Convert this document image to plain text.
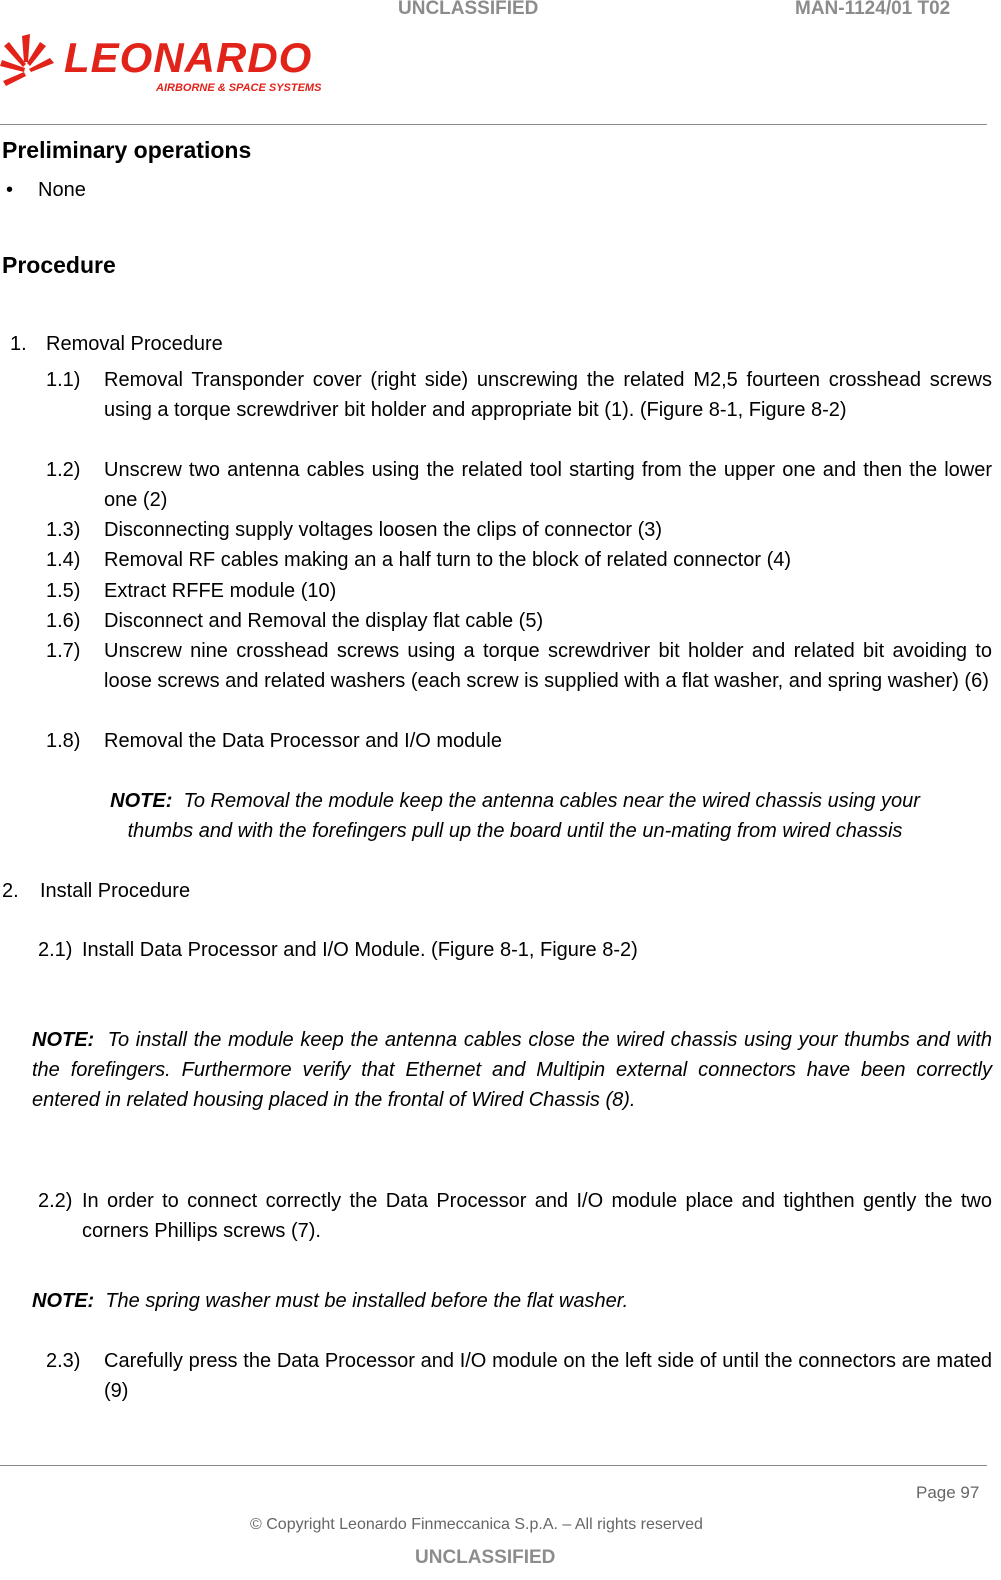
UNCLASSIFIED	MAN-1124/01 T02
LEONARDO
AIRBORNE & SPACE SYSTEMS
Preliminary operations
• None
Procedure
1. Removal Procedure
1.1) Removal Transponder cover (right side) unscrewing the related M2,5 fourteen crosshead screws using a torque screwdriver bit holder and appropriate bit (1). (Figure 8-1, Figure 8-2)
1.2) Unscrew two antenna cables using the related tool starting from the upper one and then the lower one (2)
1.3) Disconnecting supply voltages loosen the clips of connector (3)
1.4) Removal RF cables making an a half turn to the block of related connector (4)
1.5) Extract RFFE module (10)
1.6) Disconnect and Removal the display flat cable (5)
1.7) Unscrew nine crosshead screws using a torque screwdriver bit holder and related bit avoiding to loose screws and related washers (each screw is supplied with a flat washer, and spring washer) (6)
1.8) Removal the Data Processor and I/O module
NOTE: To Removal the module keep the antenna cables near the wired chassis using your
thumbs and with the forefingers pull up the board until the un-mating from wired chassis
2. Install Procedure
2.1) Install Data Processor and I/O Module. (Figure 8-1, Figure 8-2)
NOTE: To install the module keep the antenna cables close the wired chassis using your thumbs and with the forefingers. Furthermore verify that Ethernet and Multipin external connectors have been correctly entered in related housing placed in the frontal of Wired Chassis (8).
2.2) In order to connect correctly the Data Processor and I/O module place and tighthen gently the two corners Phillips screws (7).
NOTE: The spring washer must be installed before the flat washer.
2.3) Carefully press the Data Processor and I/O module on the left side of until the connectors are mated (9)
Page 97
© Copyright Leonardo Finmeccanica S.p.A. – All rights reserved
UNCLASSIFIED
